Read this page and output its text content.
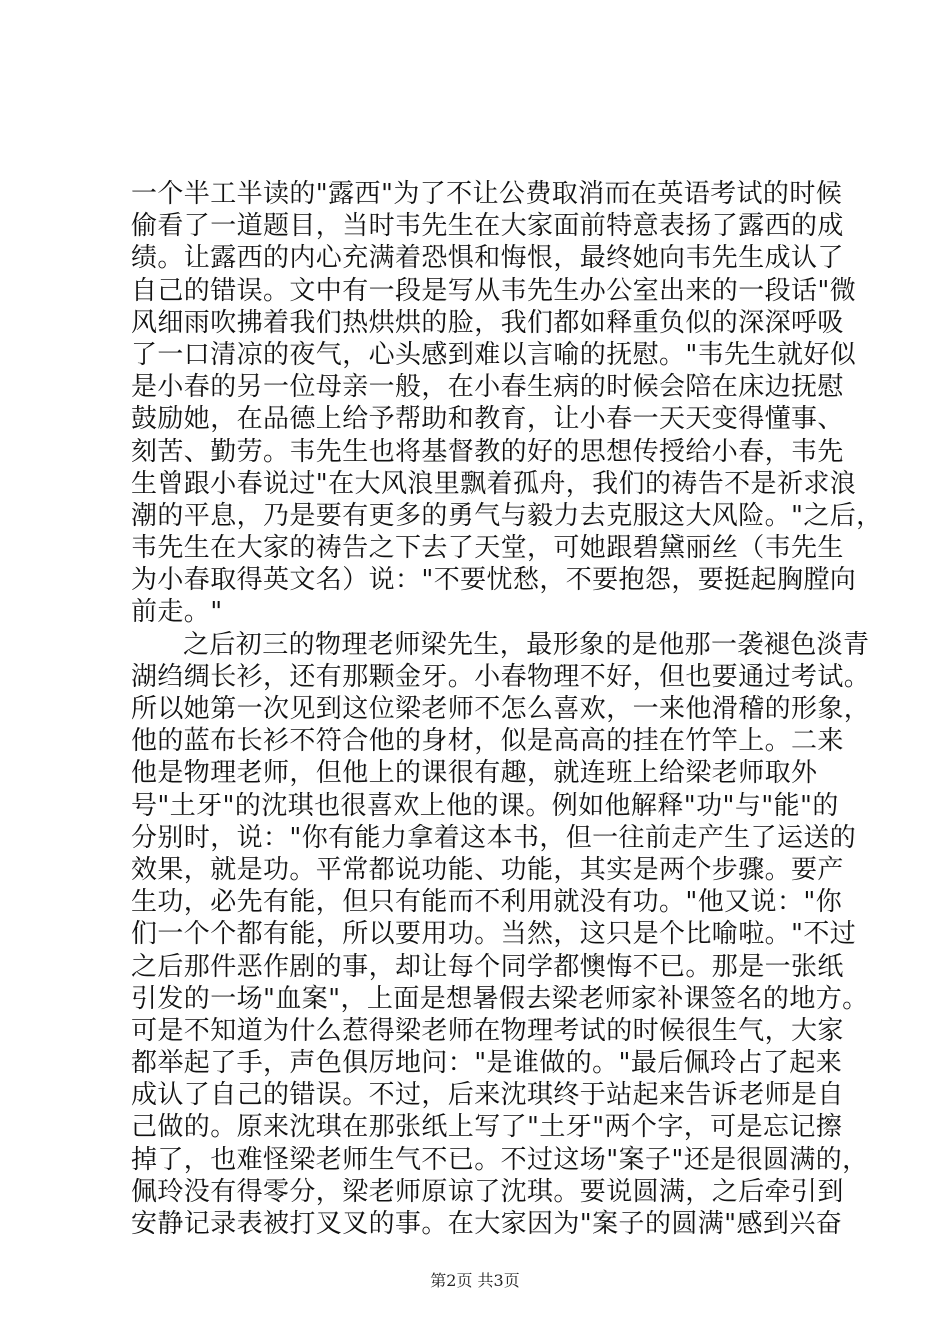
一个半工半读的"露西"为了不让公费取消而在英语考试的时候
偷看了一道题目，当时韦先生在大家面前特意表扬了露西的成
绩。让露西的内心充满着恐惧和悔恨，最终她向韦先生成认了
自己的错误。文中有一段是写从韦先生办公室出来的一段话"微
风细雨吹拂着我们热烘烘的脸，我们都如释重负似的深深呼吸
了一口清凉的夜气，心头感到难以言喻的抚慰。"韦先生就好似
是小春的另一位母亲一般，在小春生病的时候会陪在床边抚慰
鼓励她，在品德上给予帮助和教育，让小春一天天变得懂事、
刻苦、勤劳。韦先生也将基督教的好的思想传授给小春，韦先
生曾跟小春说过"在大风浪里飘着孤舟，我们的祷告不是祈求浪
潮的平息，乃是要有更多的勇气与毅力去克服这大风险。"之后，
韦先生在大家的祷告之下去了天堂，可她跟碧黛丽丝（韦先生
为小春取得英文名）说："不要忧愁，不要抱怨，要挺起胸膛向
前走。"
之后初三的物理老师梁先生，最形象的是他那一袭褪色淡青
湖绉绸长衫，还有那颗金牙。小春物理不好，但也要通过考试。
所以她第一次见到这位梁老师不怎么喜欢，一来他滑稽的形象，
他的蓝布长衫不符合他的身材，似是高高的挂在竹竿上。二来
他是物理老师，但他上的课很有趣，就连班上给梁老师取外
号"土牙"的沈琪也很喜欢上他的课。例如他解释"功"与"能"的
分别时，说："你有能力拿着这本书，但一往前走产生了运送的
效果，就是功。平常都说功能、功能，其实是两个步骤。要产
生功，必先有能，但只有能而不利用就没有功。"他又说："你
们一个个都有能，所以要用功。当然，这只是个比喻啦。"不过
之后那件恶作剧的事，却让每个同学都懊悔不已。那是一张纸
引发的一场"血案"，上面是想暑假去梁老师家补课签名的地方。
可是不知道为什么惹得梁老师在物理考试的时候很生气，大家
都举起了手，声色俱厉地问："是谁做的。"最后佩玲占了起来
成认了自己的错误。不过，后来沈琪终于站起来告诉老师是自
己做的。原来沈琪在那张纸上写了"土牙"两个字，可是忘记擦
掉了，也难怪梁老师生气不已。不过这场"案子"还是很圆满的，
佩玲没有得零分，梁老师原谅了沈琪。要说圆满，之后牵引到
安静记录表被打叉叉的事。在大家因为"案子的圆满"感到兴奋
第2页 共3页
